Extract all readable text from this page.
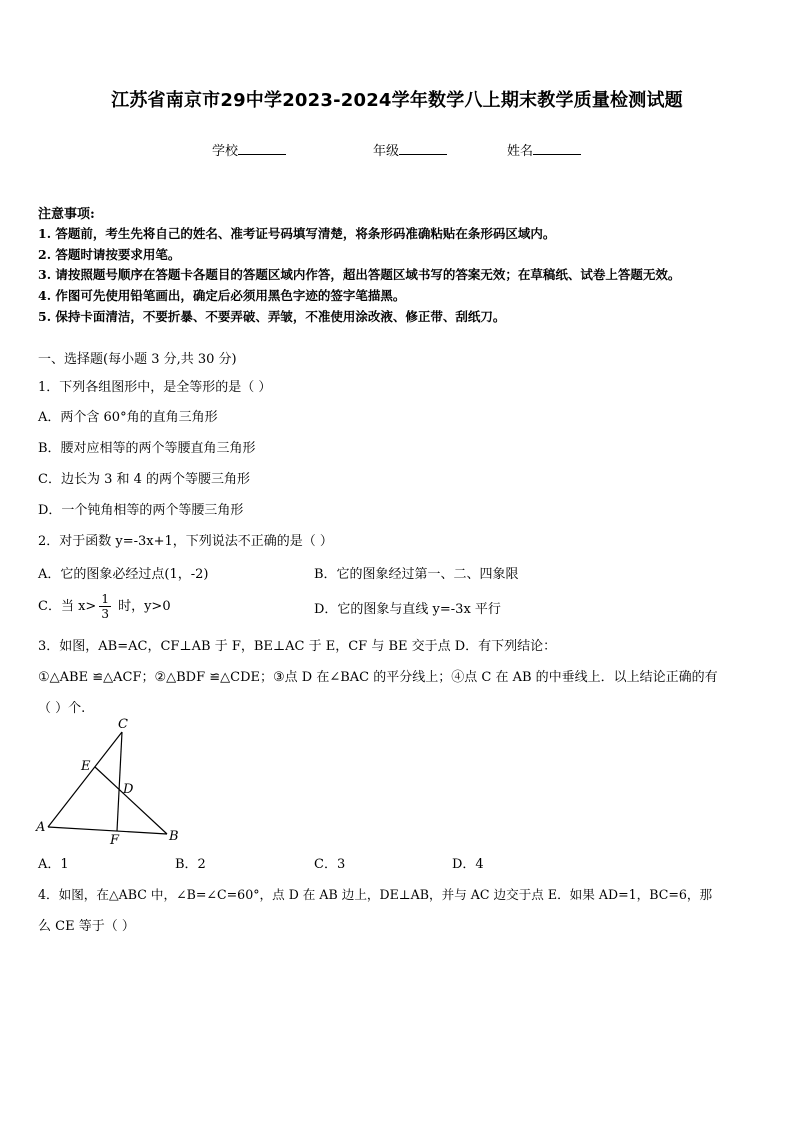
江苏省南京市29中学2023-2024学年数学八上期末教学质量检测试题
学校	年级	姓名
注意事项:
1. 答题前，考生先将自己的姓名、准考证号码填写清楚，将条形码准确粘贴在条形码区域内。
2. 答题时请按要求用笔。
3. 请按照题号顺序在答题卡各题目的答题区域内作答，超出答题区域书写的答案无效；在草稿纸、试卷上答题无效。
4. 作图可先使用铅笔画出，确定后必须用黑色字迹的签字笔描黑。
5. 保持卡面清洁，不要折暴、不要弄破、弄皱，不准使用涂改液、修正带、刮纸刀。
一、选择题(每小题 3 分,共 30 分)
1．下列各组图形中，是全等形的是（ ）
A．两个含 60°角的直角三角形
B．腰对应相等的两个等腰直角三角形
C．边长为 3 和 4 的两个等腰三角形
D．一个钝角相等的两个等腰三角形
2．对于函数 y=-3x+1，下列说法不正确的是（ ）
A．它的图象必经过点(1，-2)	B．它的图象经过第一、二、四象限
C．当 $x> \frac{1}{3}$ 时，y>0	D．它的图象与直线 y=-3x 平行
3．如图，AB=AC，CF⊥AB 于 F，BE⊥AC 于 E，CF 与 BE 交于点 D．有下列结论：
①△ABE ≌△ACF；②△BDF ≌△CDE；③点 D 在∠BAC 的平分线上；④点 C 在 AB 的中垂线上．以上结论正确的有
（ ）个.
C
E
D
A
B
F
A．1	B．2	C．3	D．4
4．如图，在△ABC 中，∠B=∠C=60°，点 D 在 AB 边上，DE⊥AB，并与 AC 边交于点 E．如果 AD=1，BC=6，那
么 CE 等于（ ）
